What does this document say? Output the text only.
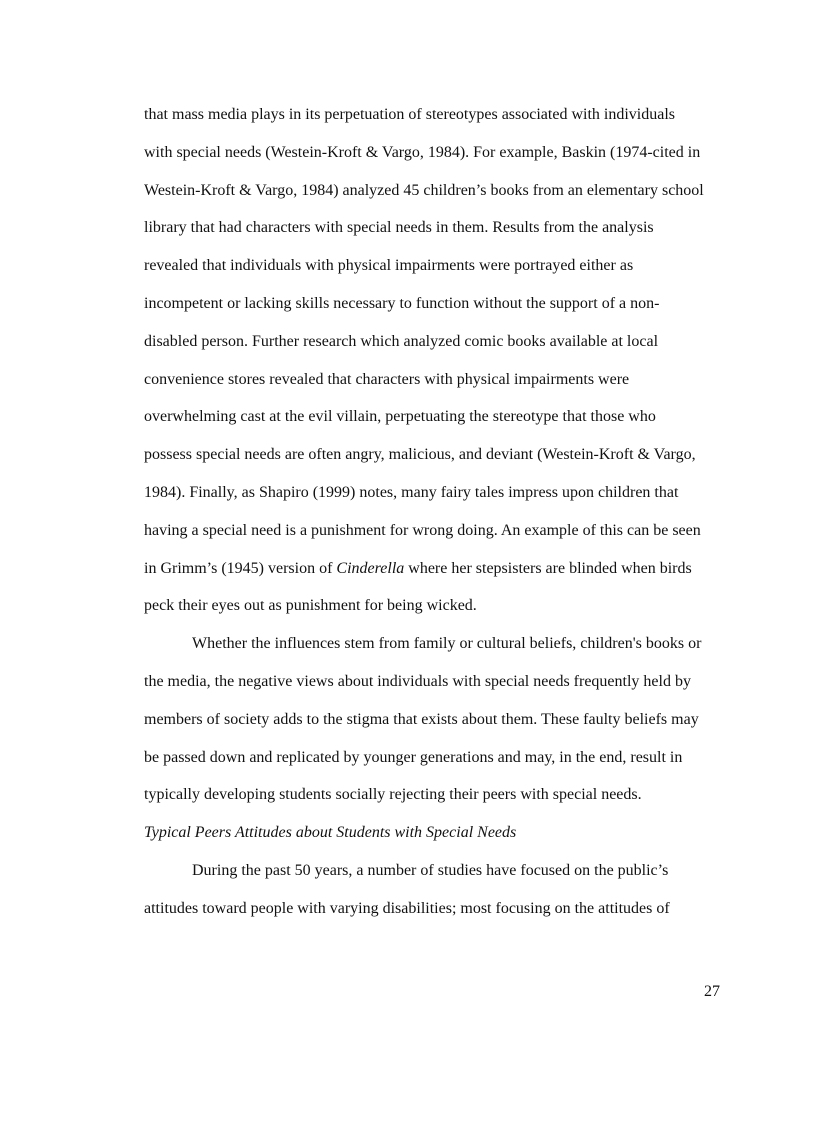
that mass media plays in its perpetuation of stereotypes associated with individuals with special needs (Westein-Kroft & Vargo, 1984). For example, Baskin (1974-cited in Westein-Kroft & Vargo, 1984) analyzed 45 children’s books from an elementary school library that had characters with special needs in them. Results from the analysis revealed that individuals with physical impairments were portrayed either as incompetent or lacking skills necessary to function without the support of a non-disabled person. Further research which analyzed comic books available at local convenience stores revealed that characters with physical impairments were overwhelming cast at the evil villain, perpetuating the stereotype that those who possess special needs are often angry, malicious, and deviant (Westein-Kroft & Vargo, 1984). Finally, as Shapiro (1999) notes, many fairy tales impress upon children that having a special need is a punishment for wrong doing. An example of this can be seen in Grimm’s (1945) version of Cinderella where her stepsisters are blinded when birds peck their eyes out as punishment for being wicked.

Whether the influences stem from family or cultural beliefs, children's books or the media, the negative views about individuals with special needs frequently held by members of society adds to the stigma that exists about them. These faulty beliefs may be passed down and replicated by younger generations and may, in the end, result in typically developing students socially rejecting their peers with special needs.

Typical Peers Attitudes about Students with Special Needs

During the past 50 years, a number of studies have focused on the public’s attitudes toward people with varying disabilities; most focusing on the attitudes of

27
